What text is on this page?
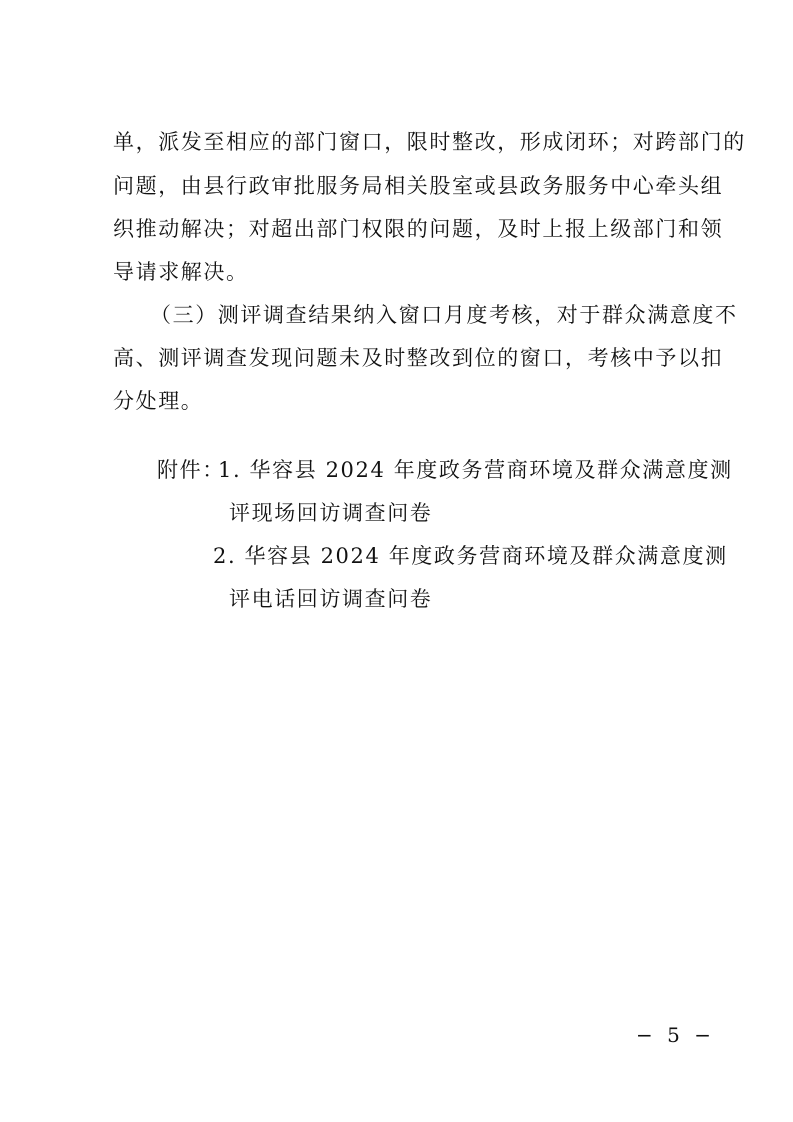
单，派发至相应的部门窗口，限时整改，形成闭环；对跨部门的
问题，由县行政审批服务局相关股室或县政务服务中心牵头组
织推动解决；对超出部门权限的问题，及时上报上级部门和领
导请求解决。
（三）测评调查结果纳入窗口月度考核，对于群众满意度不
高、测评调查发现问题未及时整改到位的窗口，考核中予以扣
分处理。
附件：
1. 华容县 2024 年度政务营商环境及群众满意度测
评现场回访调查问卷
2. 华容县 2024 年度政务营商环境及群众满意度测
评电话回访调查问卷
− 5 −
